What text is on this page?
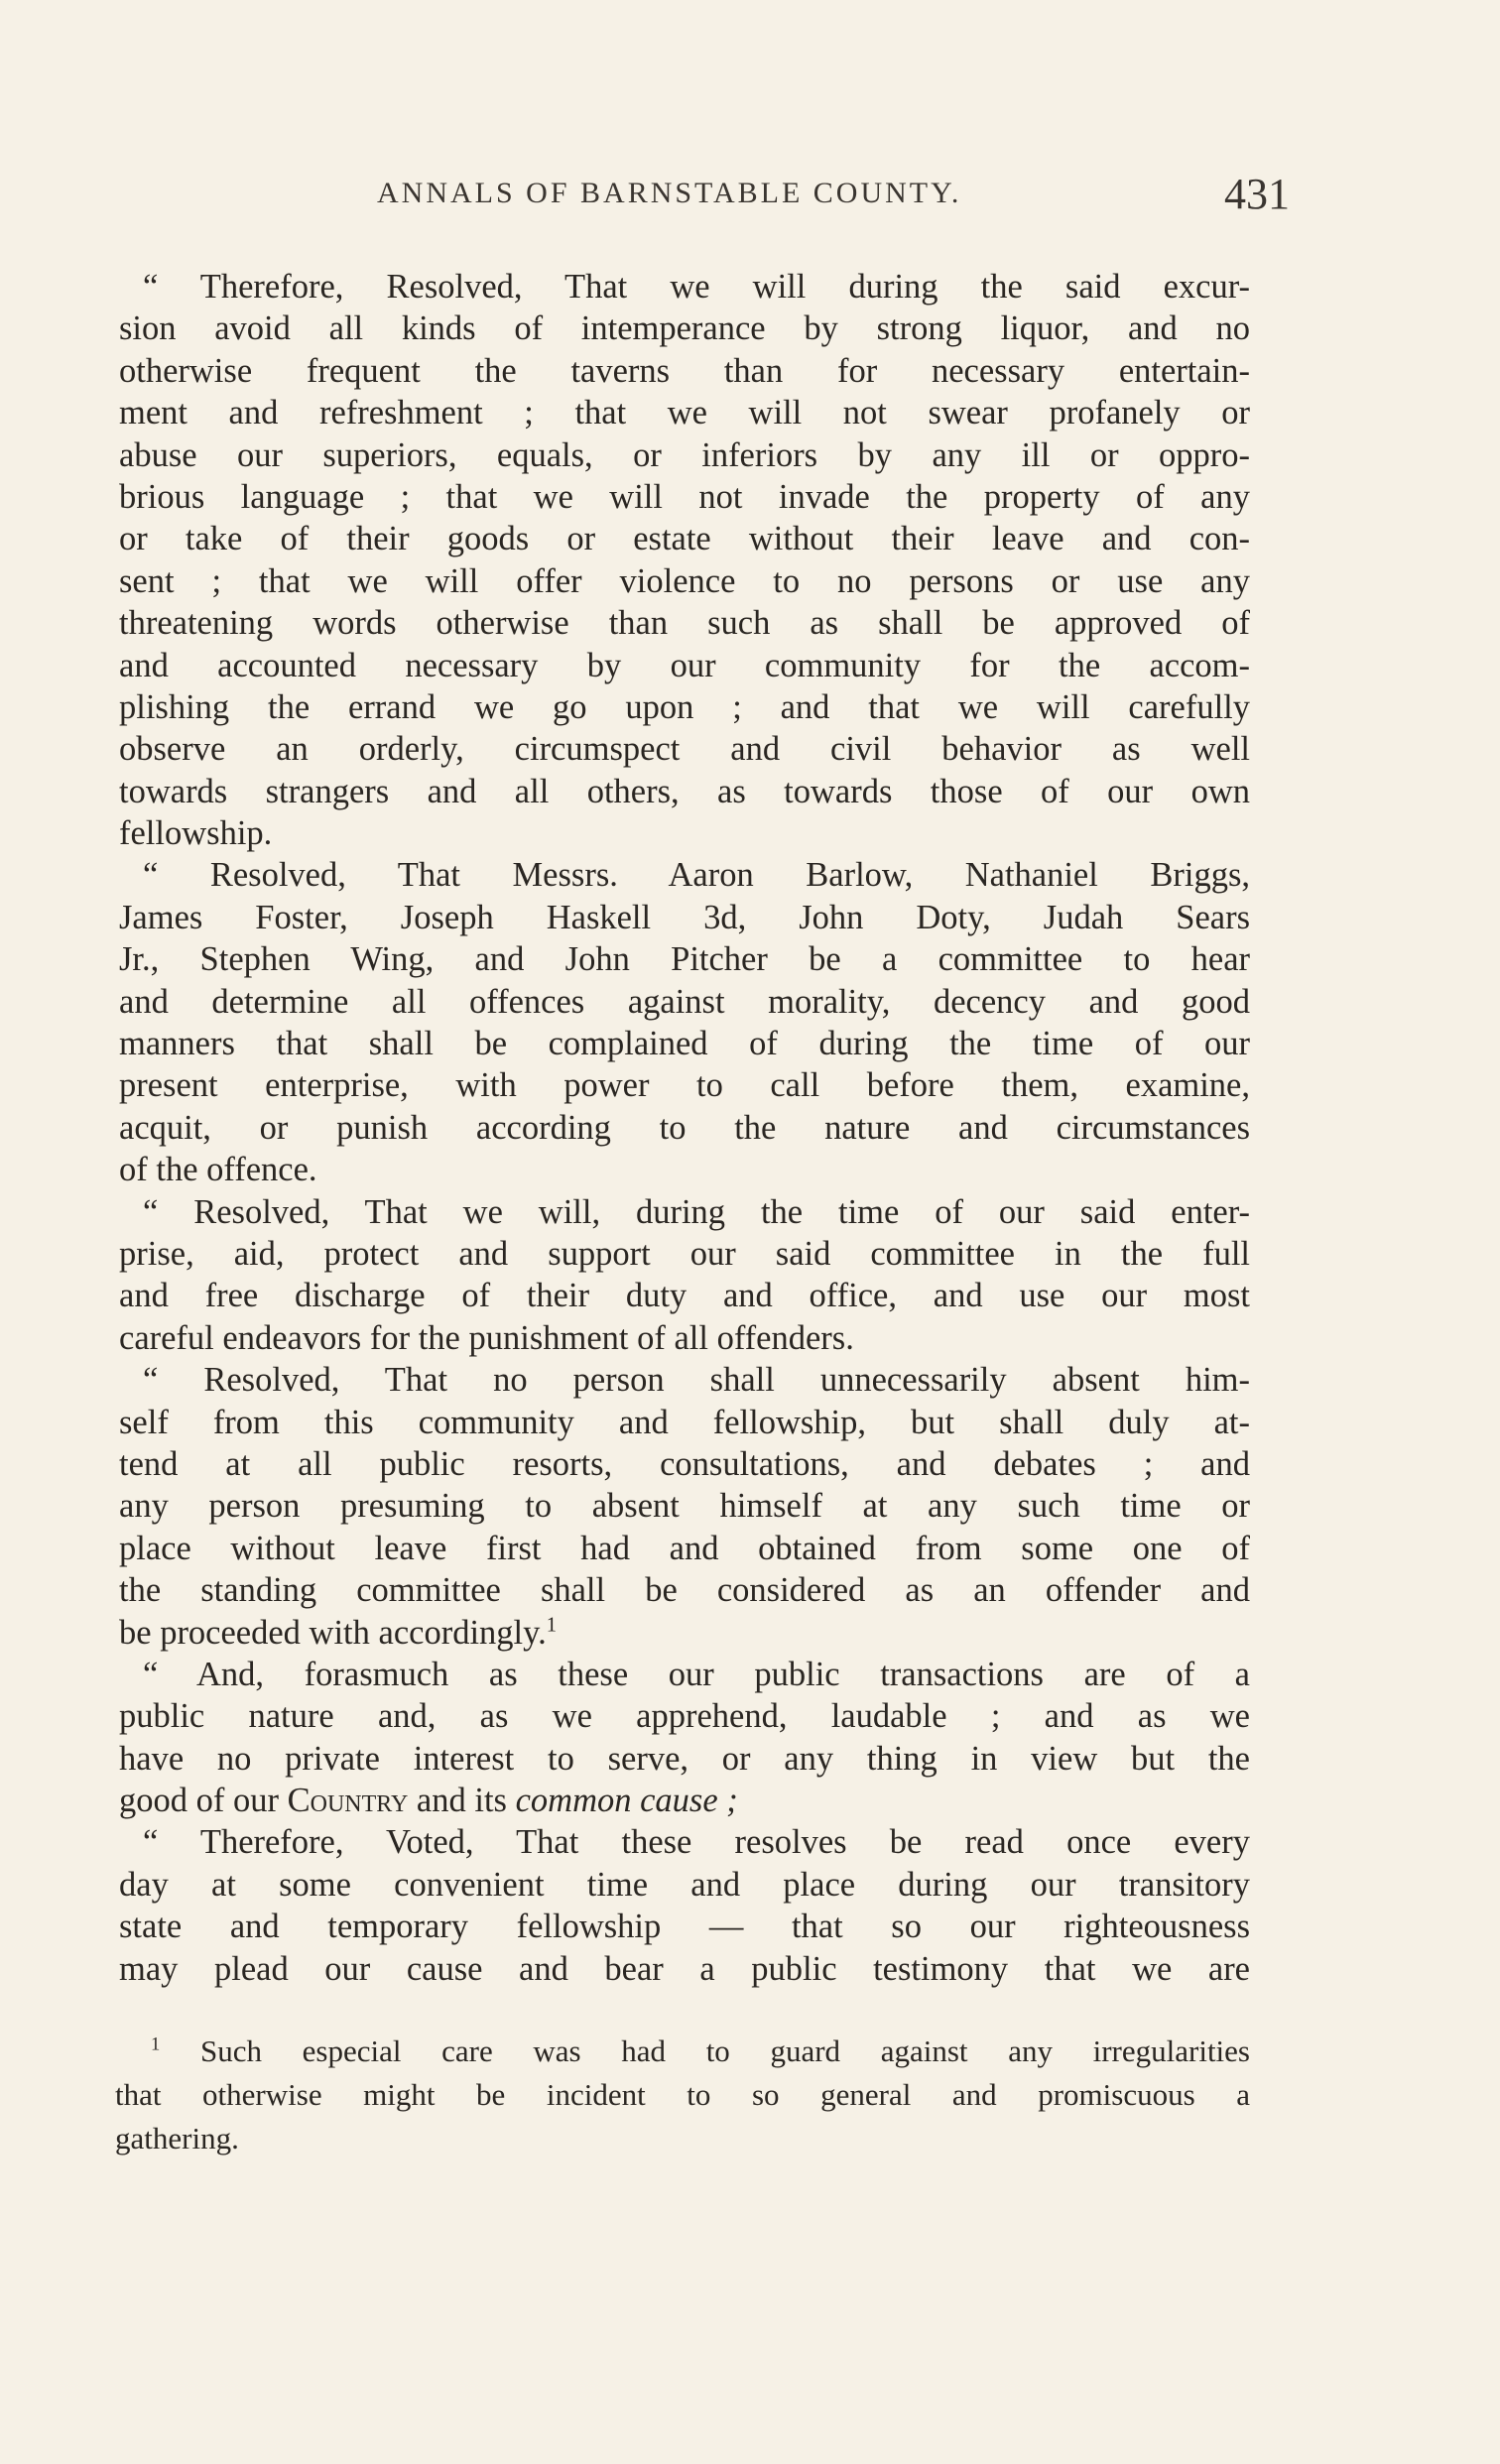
ANNALS OF BARNSTABLE COUNTY.	431
“ Therefore, Resolved, That we will during the said excur-
sion avoid all kinds of intemperance by strong liquor, and no
otherwise frequent the taverns than for necessary entertain-
ment and refreshment ; that we will not swear profanely or
abuse our superiors, equals, or inferiors by any ill or oppro-
brious language ; that we will not invade the property of any
or take of their goods or estate without their leave and con-
sent ; that we will offer violence to no persons or use any
threatening words otherwise than such as shall be approved of
and accounted necessary by our community for the accom-
plishing the errand we go upon ; and that we will carefully
observe an orderly, circumspect and civil behavior as well
towards strangers and all others, as towards those of our own
fellowship.
“ Resolved, That Messrs. Aaron Barlow, Nathaniel Briggs,
James Foster, Joseph Haskell 3d, John Doty, Judah Sears
Jr., Stephen Wing, and John Pitcher be a committee to hear
and determine all offences against morality, decency and good
manners that shall be complained of during the time of our
present enterprise, with power to call before them, examine,
acquit, or punish according to the nature and circumstances
of the offence.
“ Resolved, That we will, during the time of our said enter-
prise, aid, protect and support our said committee in the full
and free discharge of their duty and office, and use our most
careful endeavors for the punishment of all offenders.
“ Resolved, That no person shall unnecessarily absent him-
self from this community and fellowship, but shall duly at-
tend at all public resorts, consultations, and debates ; and
any person presuming to absent himself at any such time or
place without leave first had and obtained from some one of
the standing committee shall be considered as an offender and
be proceeded with accordingly.$^1$
“ And, forasmuch as these our public transactions are of a
public nature and, as we apprehend, laudable ; and as we
have no private interest to serve, or any thing in view but the
good of our Country and its common cause ;
“ Therefore, Voted, That these resolves be read once every
day at some convenient time and place during our transitory
state and temporary fellowship — that so our righteousness
may plead our cause and bear a public testimony that we are
$^1$ Such especial care was had to guard against any irregularities
that otherwise might be incident to so general and promiscuous a
gathering.
